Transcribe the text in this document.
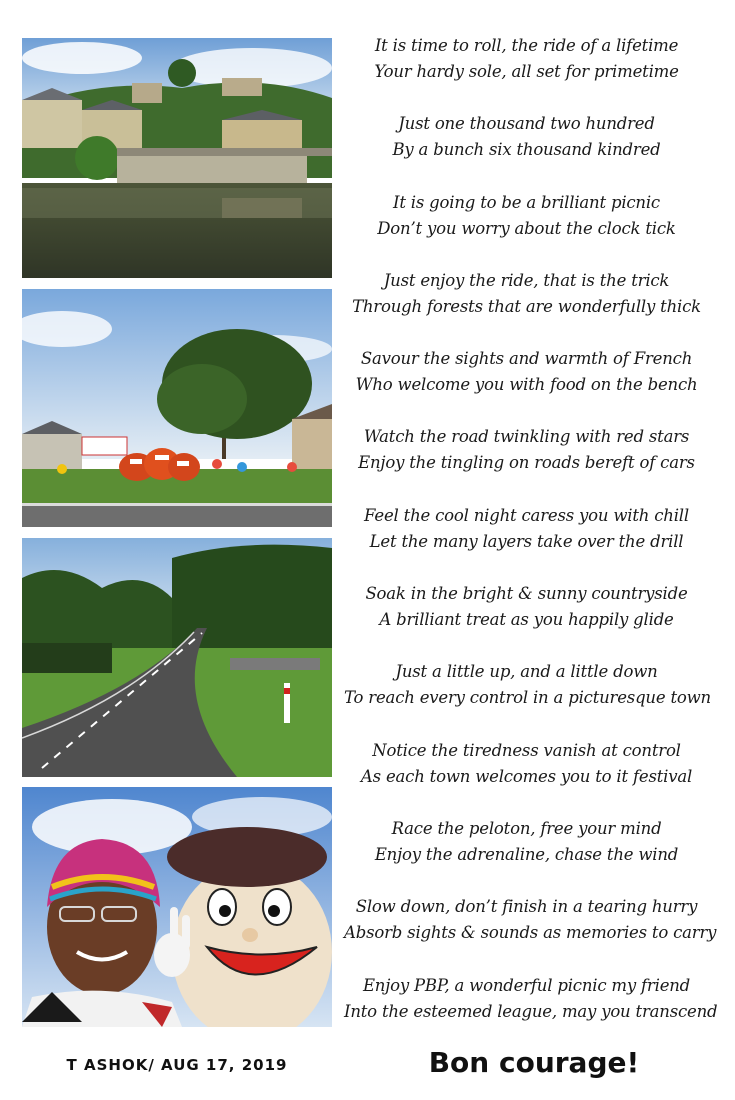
It is time to roll, the ride of a lifetime
Your hardy sole, all set for primetime
Just one thousand two hundred
By a bunch six thousand kindred
It is going to be a brilliant picnic
Don’t you worry about the clock tick
Just enjoy the ride, that is the trick
Through forests that are wonderfully thick
Savour the sights and warmth of French
Who welcome you with food on the bench
Watch the road twinkling with red stars
Enjoy the tingling on roads bereft of cars
Feel the cool night caress you with chill
Let the many layers take over the drill
Soak in the bright & sunny countryside
A brilliant treat as you happily glide
Just a little up, and a little down
To reach every control in a picturesque town
Notice the tiredness vanish at control
As each town welcomes you to it festival
Race the peloton, free your mind
Enjoy the adrenaline, chase the wind
Slow down, don’t finish in a tearing hurry
Absorb sights & sounds as memories to carry
Enjoy PBP, a wonderful picnic my friend
Into the esteemed league, may you transcend
T ASHOK/ AUG 17, 2019	Bon courage!
